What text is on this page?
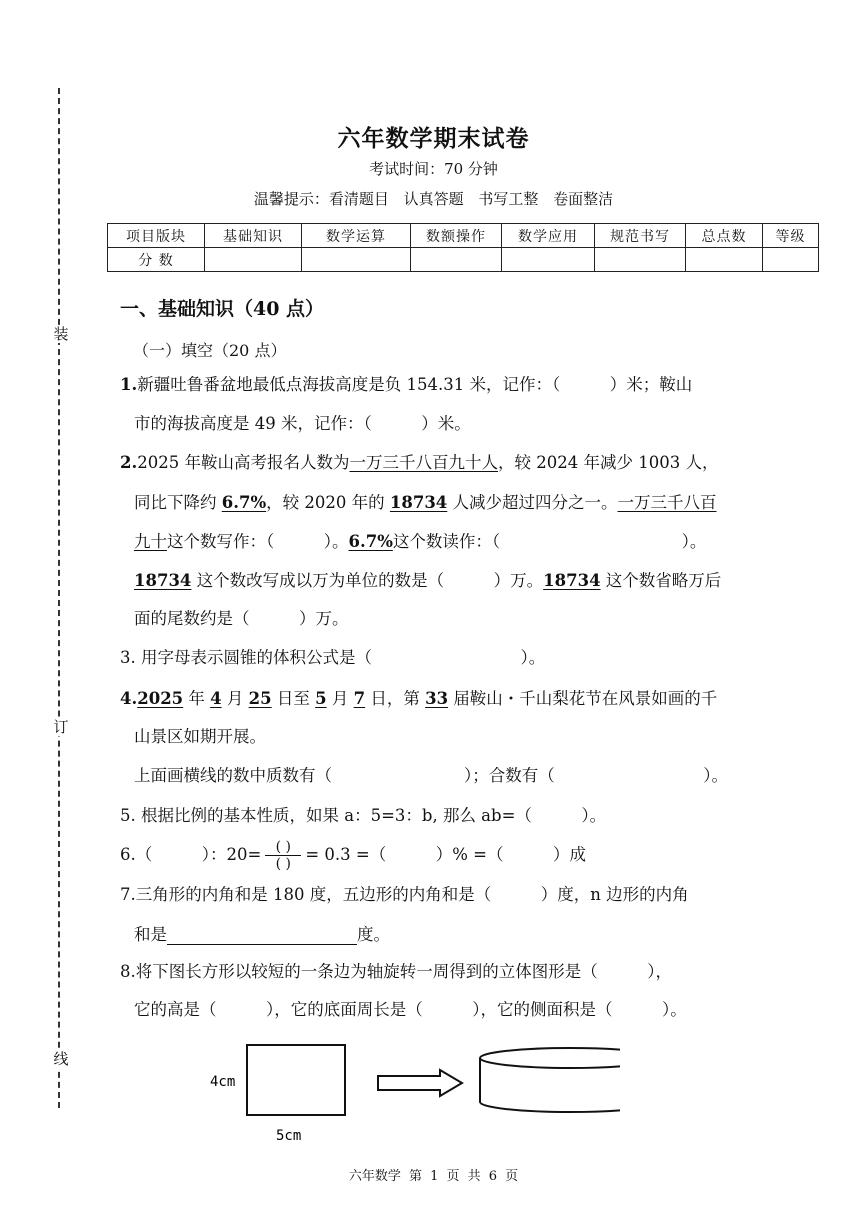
装
订
线
六年数学期末试卷
考试时间：70 分钟
温馨提示：看清题目 认真答题 书写工整 卷面整洁
项目版块	基础知识	数学运算	数额操作	数学应用	规范书写	总点数	等级
分 数							
一、基础知识（40 点）
（一）填空（20 点）
1.新疆吐鲁番盆地最低点海拔高度是负 154.31 米，记作：（　　　）米；鞍山
市的海拔高度是 49 米，记作：（　　　）米。
2.2025 年鞍山高考报名人数为一万三千八百九十人，较 2024 年减少 1003 人，
同比下降约 6.7%，较 2020 年的 18734 人减少超过四分之一。一万三千八百
九十这个数写作：（　　　）。6.7%这个数读作：（　　　　　　　　　　　）。
18734 这个数改写成以万为单位的数是（　　　）万。18734 这个数省略万后
面的尾数约是（　　　）万。
3. 用字母表示圆锥的体积公式是（　　　　　　　　　）。
4.2025 年 4 月 25 日至 5 月 7 日，第 33 届鞍山・千山梨花节在风景如画的千
山景区如期开展。
上面画横线的数中质数有（　　　　　　　　）；合数有（　　　　　　　　　）。
5. 根据比例的基本性质，如果 a：5=3：b, 那么 ab=（　　　）。
6.（　　　）：$20= \frac{( )}{( )} = 0.3$ =（　　　）% =（　　　）成
7.三角形的内角和是 180 度，五边形的内角和是（　　　）度，n 边形的内角
和是	度。
8.将下图长方形以较短的一条边为轴旋转一周得到的立体图形是（　　　），
它的高是（　　　），它的底面周长是（　　　），它的侧面积是（　　　）。
4cm
5cm
六年数学 第 1 页 共 6 页
